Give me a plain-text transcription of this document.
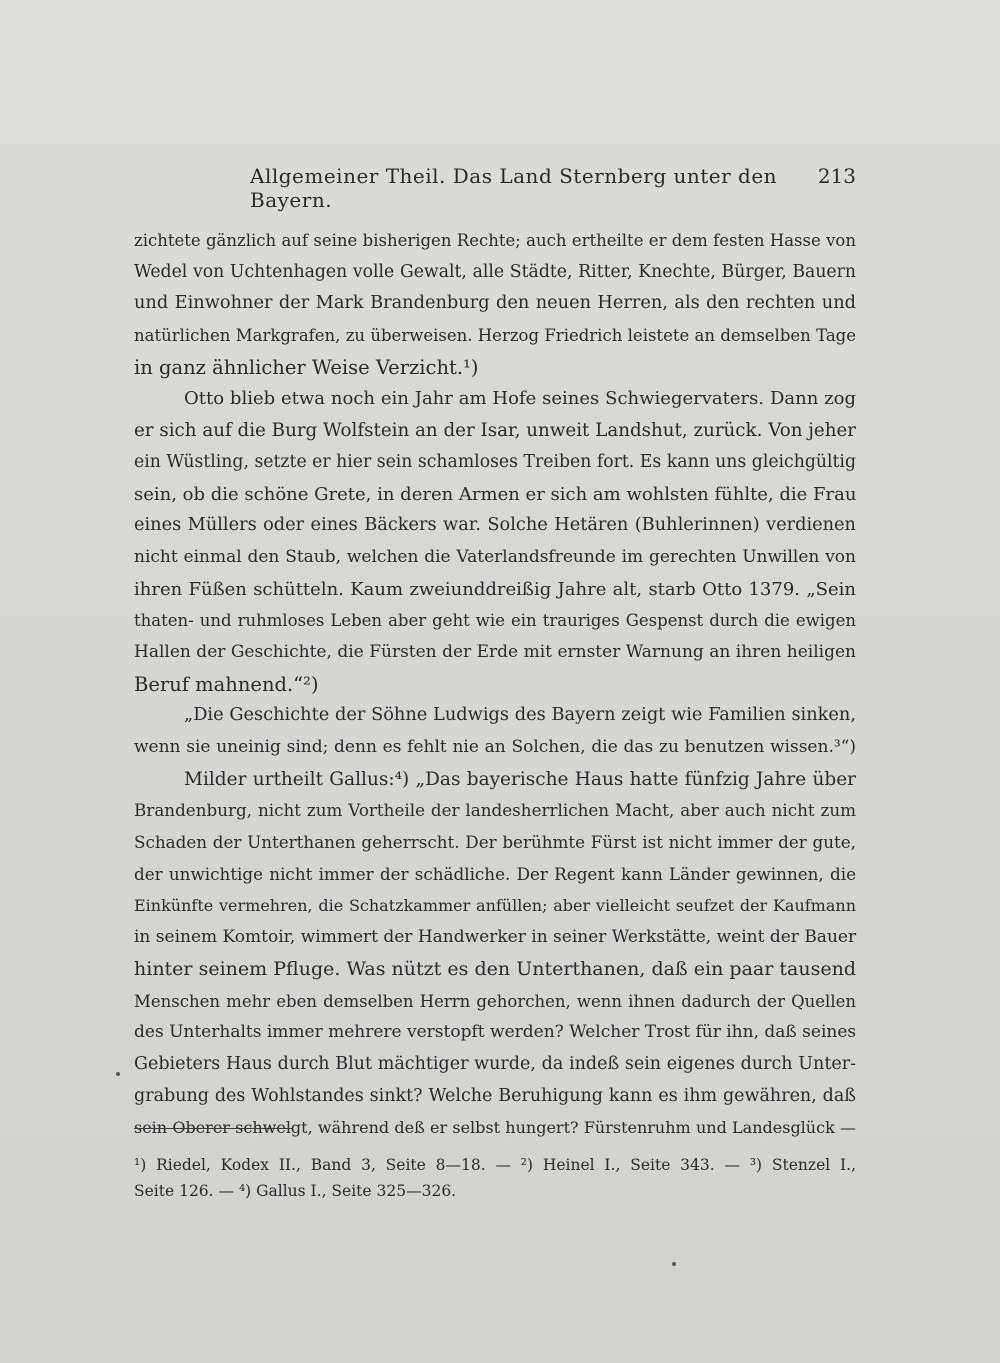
Allgemeiner Theil. Das Land Sternberg unter den Bayern.
213
zichtete gänzlich auf seine bisherigen Rechte; auch ertheilte er dem festen Hasse von
Wedel von Uchtenhagen volle Gewalt, alle Städte, Ritter, Knechte, Bürger, Bauern
und Einwohner der Mark Brandenburg den neuen Herren, als den rechten und
natürlichen Markgrafen, zu überweisen. Herzog Friedrich leistete an demselben Tage
in ganz ähnlicher Weise Verzicht.¹)
Otto blieb etwa noch ein Jahr am Hofe seines Schwiegervaters. Dann zog
er sich auf die Burg Wolfstein an der Isar, unweit Landshut, zurück. Von jeher
ein Wüstling, setzte er hier sein schamloses Treiben fort. Es kann uns gleichgültig
sein, ob die schöne Grete, in deren Armen er sich am wohlsten fühlte, die Frau
eines Müllers oder eines Bäckers war. Solche Hetären (Buhlerinnen) verdienen
nicht einmal den Staub, welchen die Vaterlandsfreunde im gerechten Unwillen von
ihren Füßen schütteln. Kaum zweiunddreißig Jahre alt, starb Otto 1379. „Sein
thaten- und ruhmloses Leben aber geht wie ein trauriges Gespenst durch die ewigen
Hallen der Geschichte, die Fürsten der Erde mit ernster Warnung an ihren heiligen
Beruf mahnend.“²)
„Die Geschichte der Söhne Ludwigs des Bayern zeigt wie Familien sinken,
wenn sie uneinig sind; denn es fehlt nie an Solchen, die das zu benutzen wissen.³“)
Milder urtheilt Gallus:⁴) „Das bayerische Haus hatte fünfzig Jahre über
Brandenburg, nicht zum Vortheile der landesherrlichen Macht, aber auch nicht zum
Schaden der Unterthanen geherrscht. Der berühmte Fürst ist nicht immer der gute,
der unwichtige nicht immer der schädliche. Der Regent kann Länder gewinnen, die
Einkünfte vermehren, die Schatzkammer anfüllen; aber vielleicht seufzet der Kaufmann
in seinem Komtoir, wimmert der Handwerker in seiner Werkstätte, weint der Bauer
hinter seinem Pfluge. Was nützt es den Unterthanen, daß ein paar tausend
Menschen mehr eben demselben Herrn gehorchen, wenn ihnen dadurch der Quellen
des Unterhalts immer mehrere verstopft werden? Welcher Trost für ihn, daß seines
Gebieters Haus durch Blut mächtiger wurde, da indeß sein eigenes durch Unter-
grabung des Wohlstandes sinkt? Welche Beruhigung kann es ihm gewähren, daß
sein Oberer schwelgt, während deß er selbst hungert? Fürstenruhm und Landesglück —
¹) Riedel, Kodex II., Band 3, Seite 8—18. — ²) Heinel I., Seite 343. — ³) Stenzel I.,
Seite 126. — ⁴) Gallus I., Seite 325—326.
